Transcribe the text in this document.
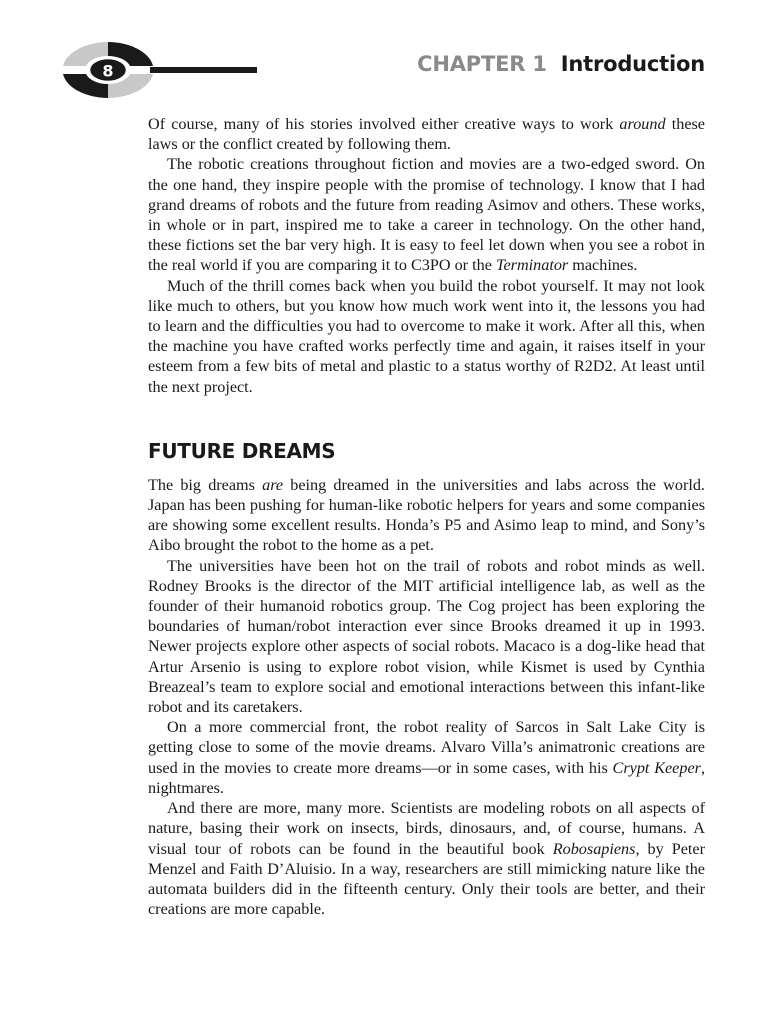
8	CHAPTER 1 Introduction

Of course, many of his stories involved either creative ways to work around these laws or the conflict created by following them.

The robotic creations throughout fiction and movies are a two-edged sword. On the one hand, they inspire people with the promise of technology. I know that I had grand dreams of robots and the future from reading Asimov and others. These works, in whole or in part, inspired me to take a career in technology. On the other hand, these fictions set the bar very high. It is easy to feel let down when you see a robot in the real world if you are comparing it to C3PO or the Terminator machines.

Much of the thrill comes back when you build the robot yourself. It may not look like much to others, but you know how much work went into it, the lessons you had to learn and the difficulties you had to overcome to make it work. After all this, when the machine you have crafted works perfectly time and again, it raises itself in your esteem from a few bits of metal and plastic to a status worthy of R2D2. At least until the next project.

FUTURE DREAMS

The big dreams are being dreamed in the universities and labs across the world. Japan has been pushing for human-like robotic helpers for years and some companies are showing some excellent results. Honda’s P5 and Asimo leap to mind, and Sony’s Aibo brought the robot to the home as a pet.

The universities have been hot on the trail of robots and robot minds as well. Rodney Brooks is the director of the MIT artificial intelligence lab, as well as the founder of their humanoid robotics group. The Cog project has been exploring the boundaries of human/robot interaction ever since Brooks dreamed it up in 1993. Newer projects explore other aspects of social robots. Macaco is a dog-like head that Artur Arsenio is using to explore robot vision, while Kismet is used by Cynthia Breazeal’s team to explore social and emotional interactions between this infant-like robot and its caretakers.

On a more commercial front, the robot reality of Sarcos in Salt Lake City is getting close to some of the movie dreams. Alvaro Villa’s animatronic creations are used in the movies to create more dreams—or in some cases, with his Crypt Keeper, nightmares.

And there are more, many more. Scientists are modeling robots on all aspects of nature, basing their work on insects, birds, dinosaurs, and, of course, humans. A visual tour of robots can be found in the beautiful book Robosapiens, by Peter Menzel and Faith D’Aluisio. In a way, researchers are still mimicking nature like the automata builders did in the fifteenth century. Only their tools are better, and their creations are more capable.
